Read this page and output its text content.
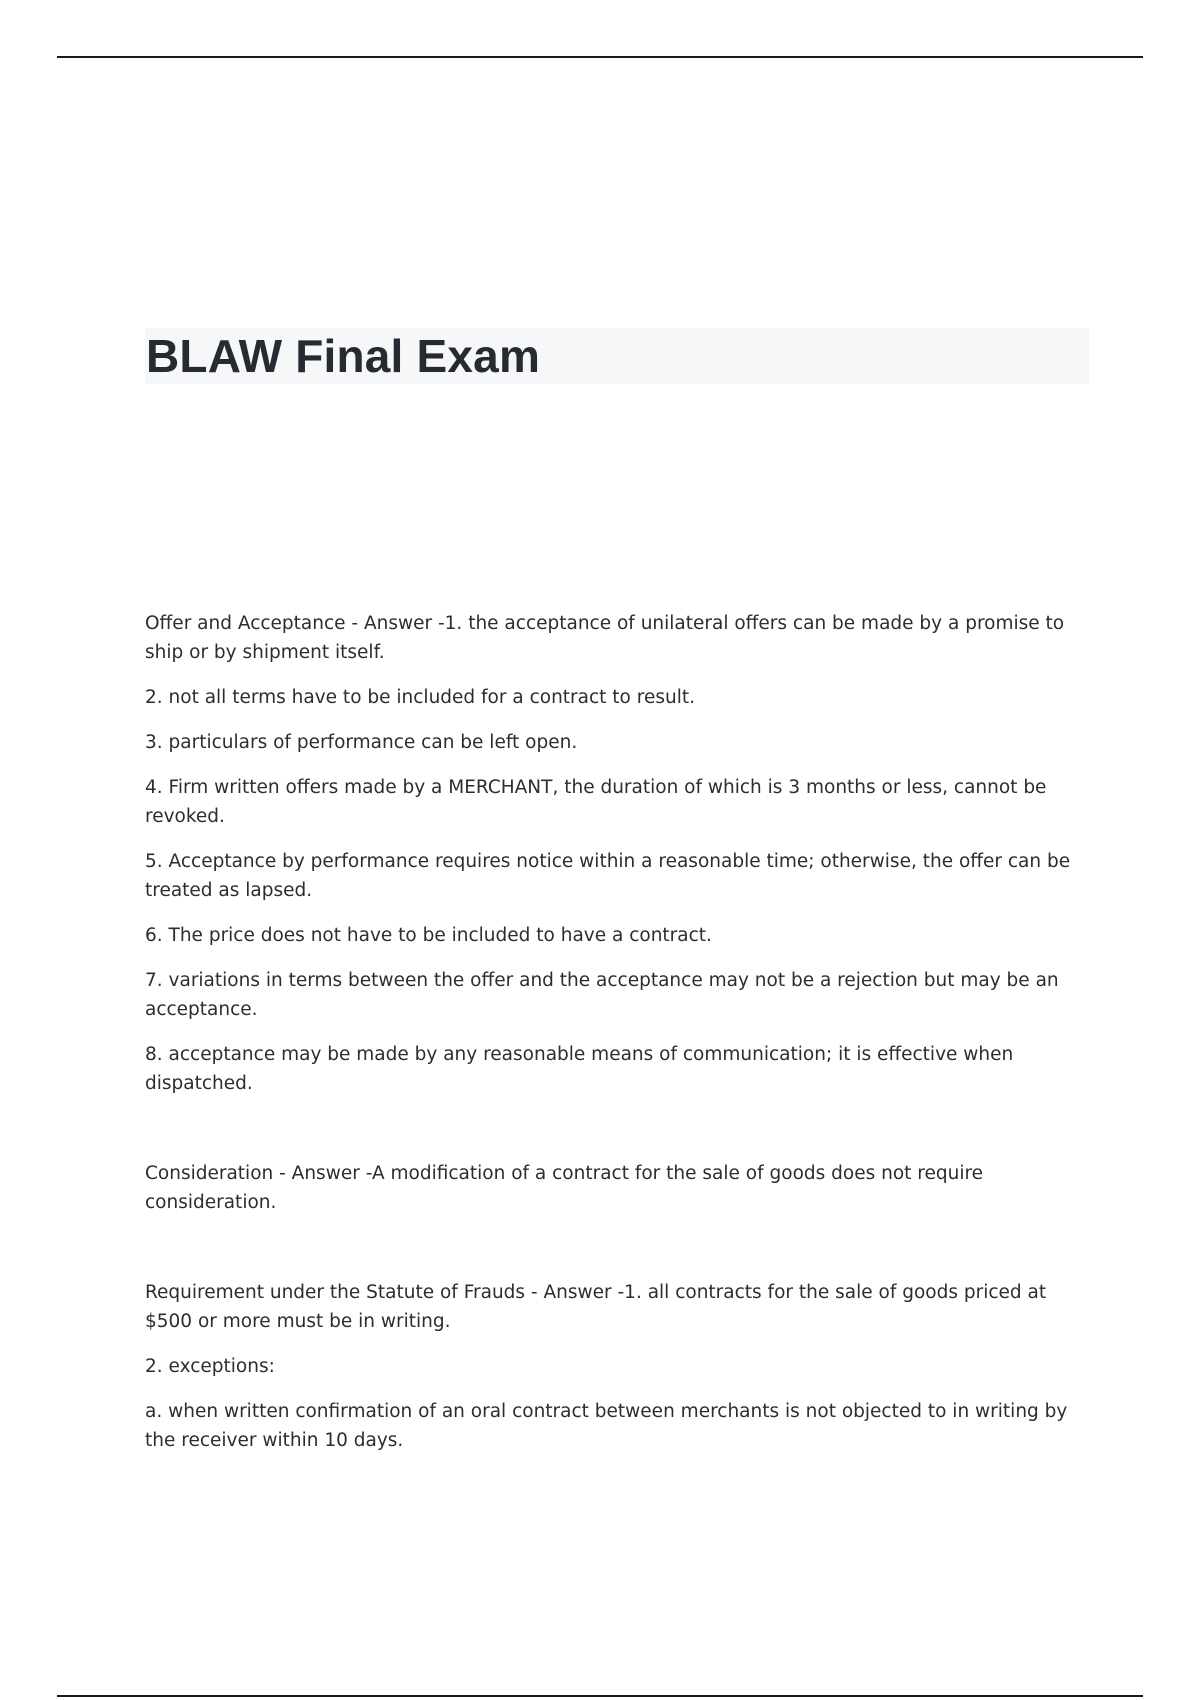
BLAW Final Exam

Offer and Acceptance - Answer -1. the acceptance of unilateral offers can be made by a promise to ship or by shipment itself.

2. not all terms have to be included for a contract to result.

3. particulars of performance can be left open.

4. Firm written offers made by a MERCHANT, the duration of which is 3 months or less, cannot be revoked.

5. Acceptance by performance requires notice within a reasonable time; otherwise, the offer can be treated as lapsed.

6. The price does not have to be included to have a contract.

7. variations in terms between the offer and the acceptance may not be a rejection but may be an acceptance.

8. acceptance may be made by any reasonable means of communication; it is effective when dispatched.

Consideration - Answer -A modification of a contract for the sale of goods does not require consideration.

Requirement under the Statute of Frauds - Answer -1. all contracts for the sale of goods priced at $500 or more must be in writing.

2. exceptions:

a. when written confirmation of an oral contract between merchants is not objected to in writing by the receiver within 10 days.
